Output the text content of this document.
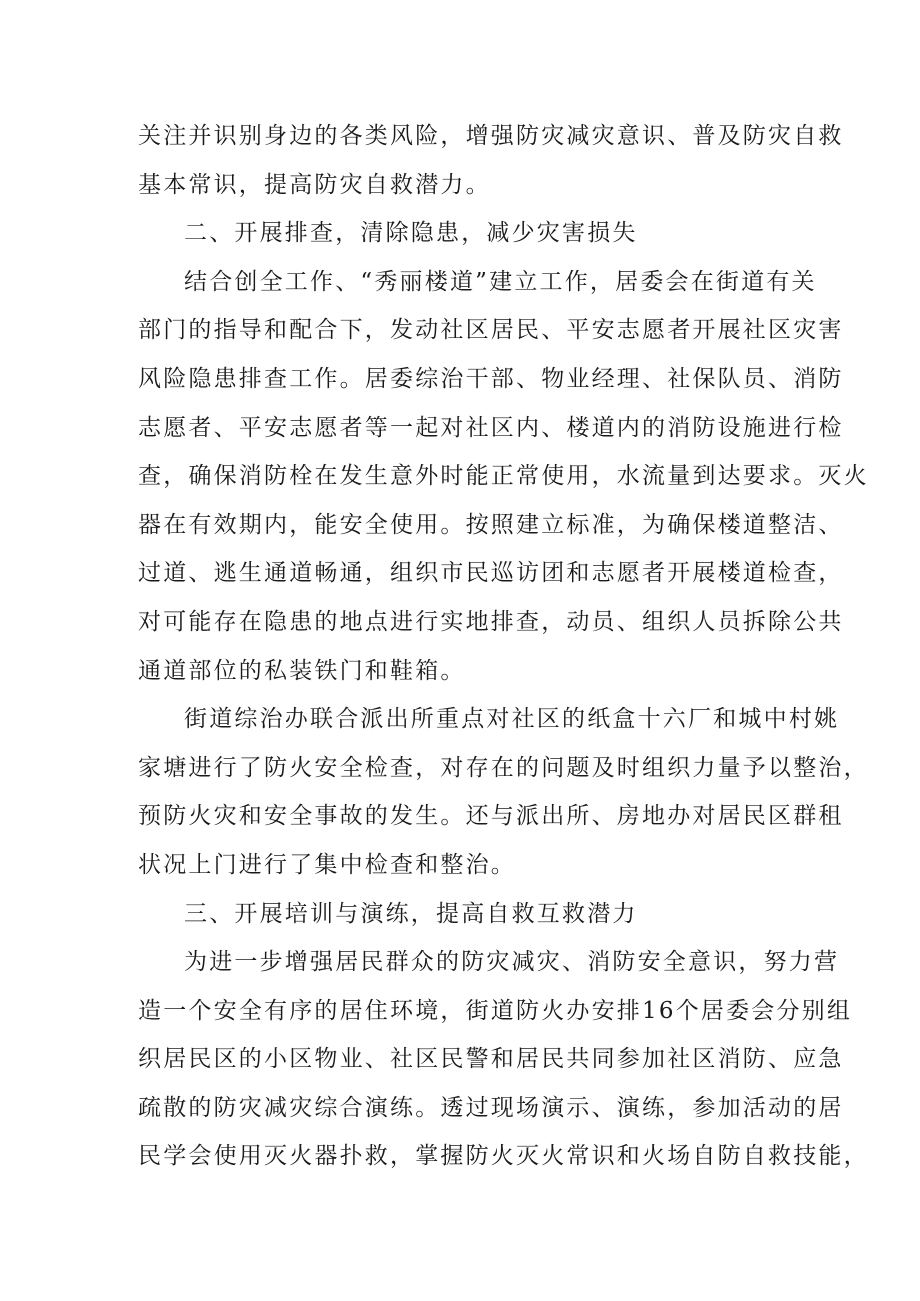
关注并识别身边的各类风险，增强防灾减灾意识、普及防灾自救
基本常识，提高防灾自救潜力。
二、开展排查，清除隐患，减少灾害损失
结合创全工作、“秀丽楼道”建立工作，居委会在街道有关
部门的指导和配合下，发动社区居民、平安志愿者开展社区灾害
风险隐患排查工作。居委综治干部、物业经理、社保队员、消防
志愿者、平安志愿者等一起对社区内、楼道内的消防设施进行检
查，确保消防栓在发生意外时能正常使用，水流量到达要求。灭火
器在有效期内，能安全使用。按照建立标准，为确保楼道整洁、
过道、逃生通道畅通，组织市民巡访团和志愿者开展楼道检查，
对可能存在隐患的地点进行实地排查，动员、组织人员拆除公共
通道部位的私装铁门和鞋箱。
街道综治办联合派出所重点对社区的纸盒十六厂和城中村姚
家塘进行了防火安全检查，对存在的问题及时组织力量予以整治，
预防火灾和安全事故的发生。还与派出所、房地办对居民区群租
状况上门进行了集中检查和整治。
三、开展培训与演练，提高自救互救潜力
为进一步增强居民群众的防灾减灾、消防安全意识，努力营
造一个安全有序的居住环境，街道防火办安排16个居委会分别组
织居民区的小区物业、社区民警和居民共同参加社区消防、应急
疏散的防灾减灾综合演练。透过现场演示、演练，参加活动的居
民学会使用灭火器扑救，掌握防火灭火常识和火场自防自救技能，
